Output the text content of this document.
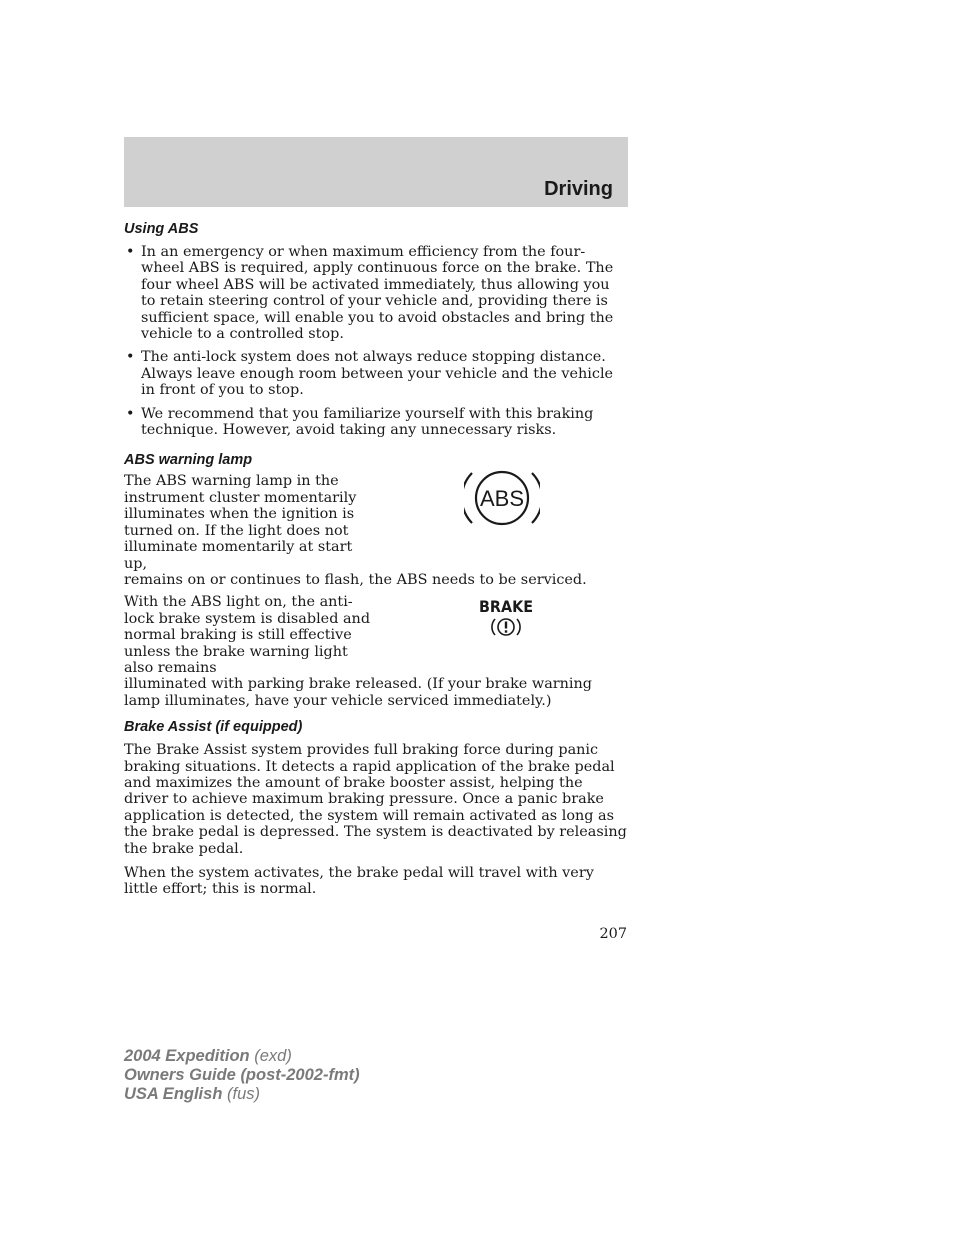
Driving
Using ABS
• In an emergency or when maximum efficiency from the four-wheel ABS is required, apply continuous force on the brake. The four wheel ABS will be activated immediately, thus allowing you to retain steering control of your vehicle and, providing there is sufficient space, will enable you to avoid obstacles and bring the vehicle to a controlled stop.
• The anti-lock system does not always reduce stopping distance. Always leave enough room between your vehicle and the vehicle in front of you to stop.
• We recommend that you familiarize yourself with this braking technique. However, avoid taking any unnecessary risks.
ABS warning lamp

The ABS warning lamp in the instrument cluster momentarily illuminates when the ignition is turned on. If the light does not illuminate momentarily at start up,

remains on or continues to flash, the ABS needs to be serviced.

ABS

With the ABS light on, the anti-lock brake system is disabled and normal braking is still effective unless the brake warning light also remains

illuminated with parking brake released. (If your brake warning lamp illuminates, have your vehicle serviced immediately.)

BRAKE
Brake Assist (if equipped)

The Brake Assist system provides full braking force during panic braking situations. It detects a rapid application of the brake pedal and maximizes the amount of brake booster assist, helping the driver to achieve maximum braking pressure. Once a panic brake application is detected, the system will remain activated as long as the brake pedal is depressed. The system is deactivated by releasing the brake pedal.

When the system activates, the brake pedal will travel with very little effort; this is normal.

207
2004 Expedition (exd)
Owners Guide (post-2002-fmt)
USA English (fus)
